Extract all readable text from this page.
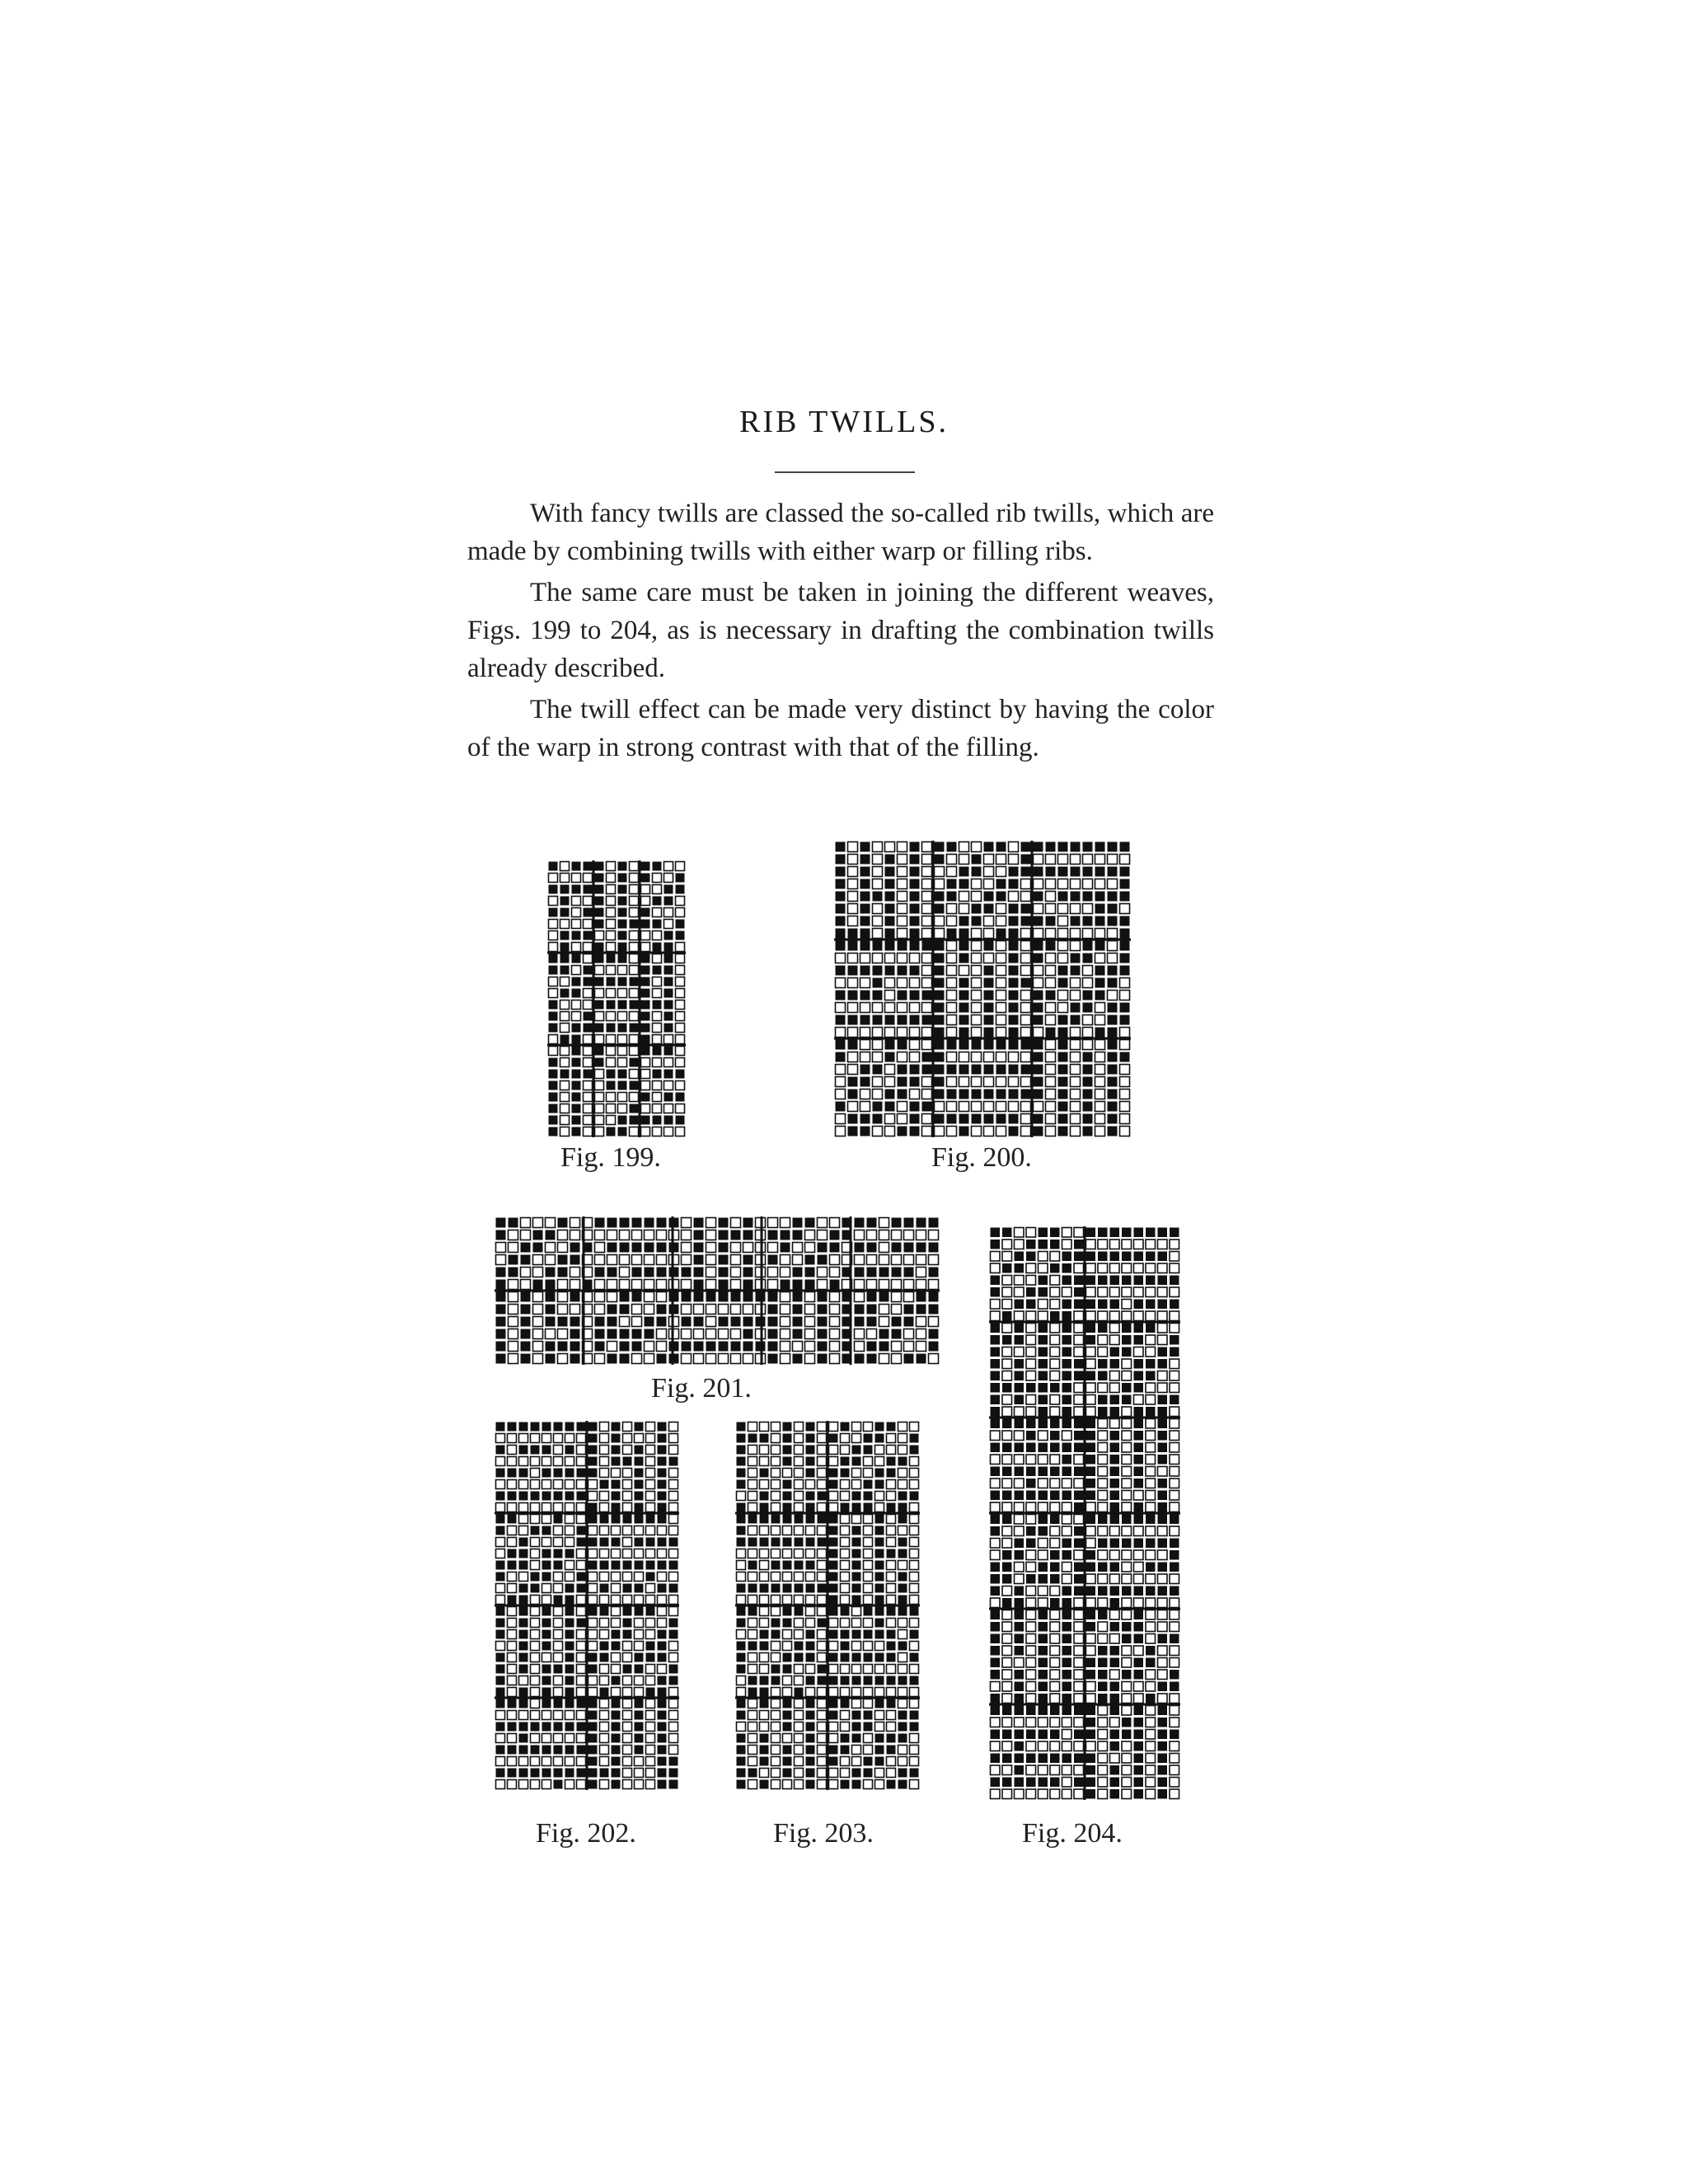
RIB TWILLS.

With fancy twills are classed the so-called rib twills, which are made by combining twills with either warp or filling ribs.

The same care must be taken in joining the different weaves, Figs. 199 to 204, as is necessary in drafting the combination twills already described.

The twill effect can be made very distinct by having the color of the warp in strong contrast with that of the filling.

Fig. 199.	Fig. 200.
Fig. 201.
Fig. 202.	Fig. 203.	Fig. 204.
